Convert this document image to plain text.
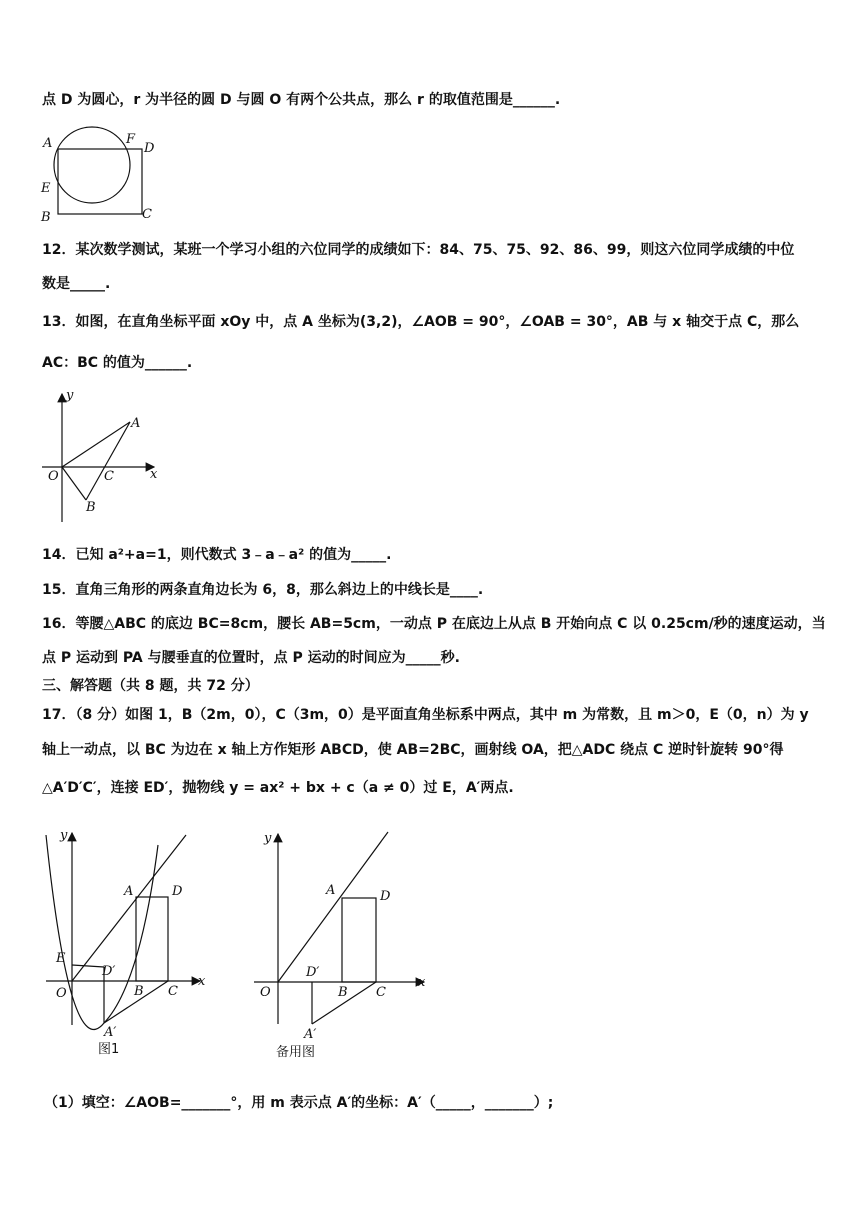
点 D 为圆心，r 为半径的圆 D 与圆 O 有两个公共点，那么 r 的取值范围是______.
A	F
D
E
B	C
12．某次数学测试，某班一个学习小组的六位同学的成绩如下：84、75、75、92、86、99，则这六位同学成绩的中位
数是_____.
13．如图，在直角坐标平面 xOy 中，点 A 坐标为(3,2)，∠AOB = 90°，∠OAB = 30°，AB 与 x 轴交于点 C，那么
AC：BC 的值为______.
y
x
A
O	C
B
14．已知 a²+a=1，则代数式 3﹣a﹣a² 的值为_____.
15．直角三角形的两条直角边长为 6，8，那么斜边上的中线长是____.
16．等腰△ABC 的底边 BC=8cm，腰长 AB=5cm，一动点 P 在底边上从点 B 开始向点 C 以 0.25cm/秒的速度运动，当
点 P 运动到 PA 与腰垂直的位置时，点 P 运动的时间应为_____秒.
三、解答题（共 8 题，共 72 分）
17．（8 分）如图 1，B（2m，0），C（3m，0）是平面直角坐标系中两点，其中 m 为常数，且 m＞0，E（0，n）为 y
轴上一动点，以 BC 为边在 x 轴上方作矩形 ABCD，使 AB=2BC，画射线 OA，把△ADC 绕点 C 逆时针旋转 90°得
△A′D′C′，连接 ED′，抛物线 y = ax² + bx + c（a ≠ 0）过 E，A′两点.
y
x
A	D
E
D′
O	B C
A′
图1
y
x
A	D
D′
O	B C
A′
备用图
（1）填空：∠AOB=_______°，用 m 表示点 A′的坐标：A′（_____，_______）;
